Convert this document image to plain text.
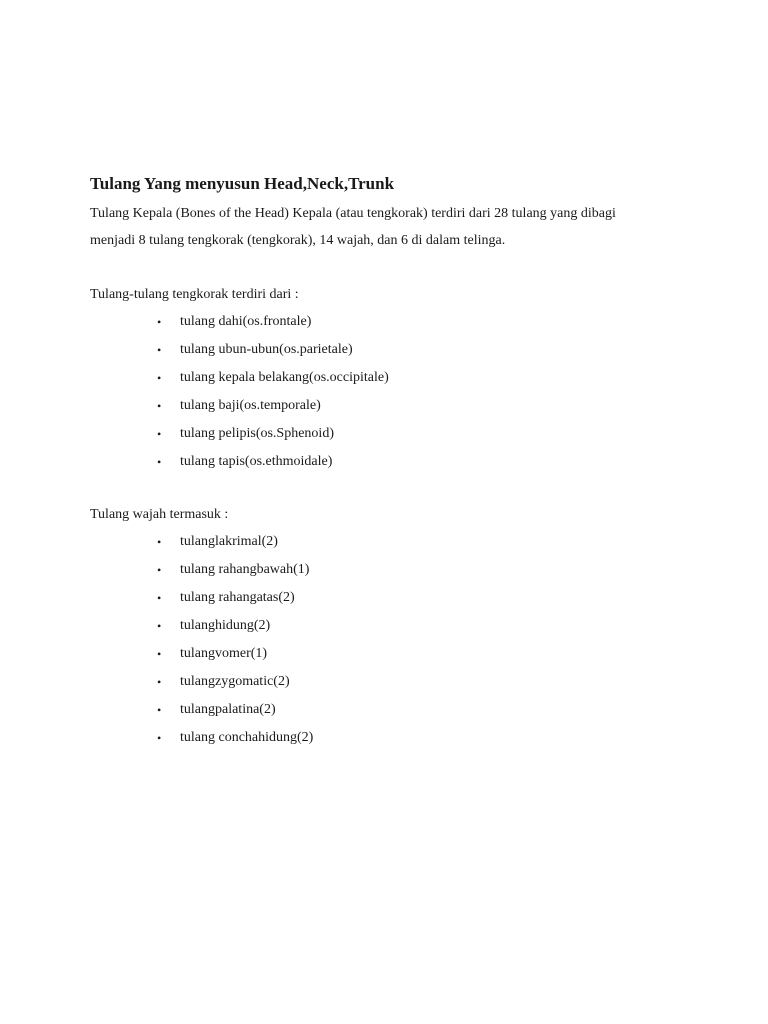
Tulang Yang menyusun Head,Neck,Trunk

Tulang Kepala (Bones of the Head) Kepala (atau tengkorak) terdiri dari 28 tulang yang dibagi
menjadi 8 tulang tengkorak (tengkorak), 14 wajah, dan 6 di dalam telinga.

Tulang-tulang tengkorak terdiri dari :

• tulang dahi(os.frontale)
• tulang ubun-ubun(os.parietale)
• tulang kepala belakang(os.occipitale)
• tulang baji(os.temporale)
• tulang pelipis(os.Sphenoid)
• tulang tapis(os.ethmoidale)

Tulang wajah termasuk :

• tulanglakrimal(2)
• tulang rahangbawah(1)
• tulang rahangatas(2)
• tulanghidung(2)
• tulangvomer(1)
• tulangzygomatic(2)
• tulangpalatina(2)
• tulang conchahidung(2)
